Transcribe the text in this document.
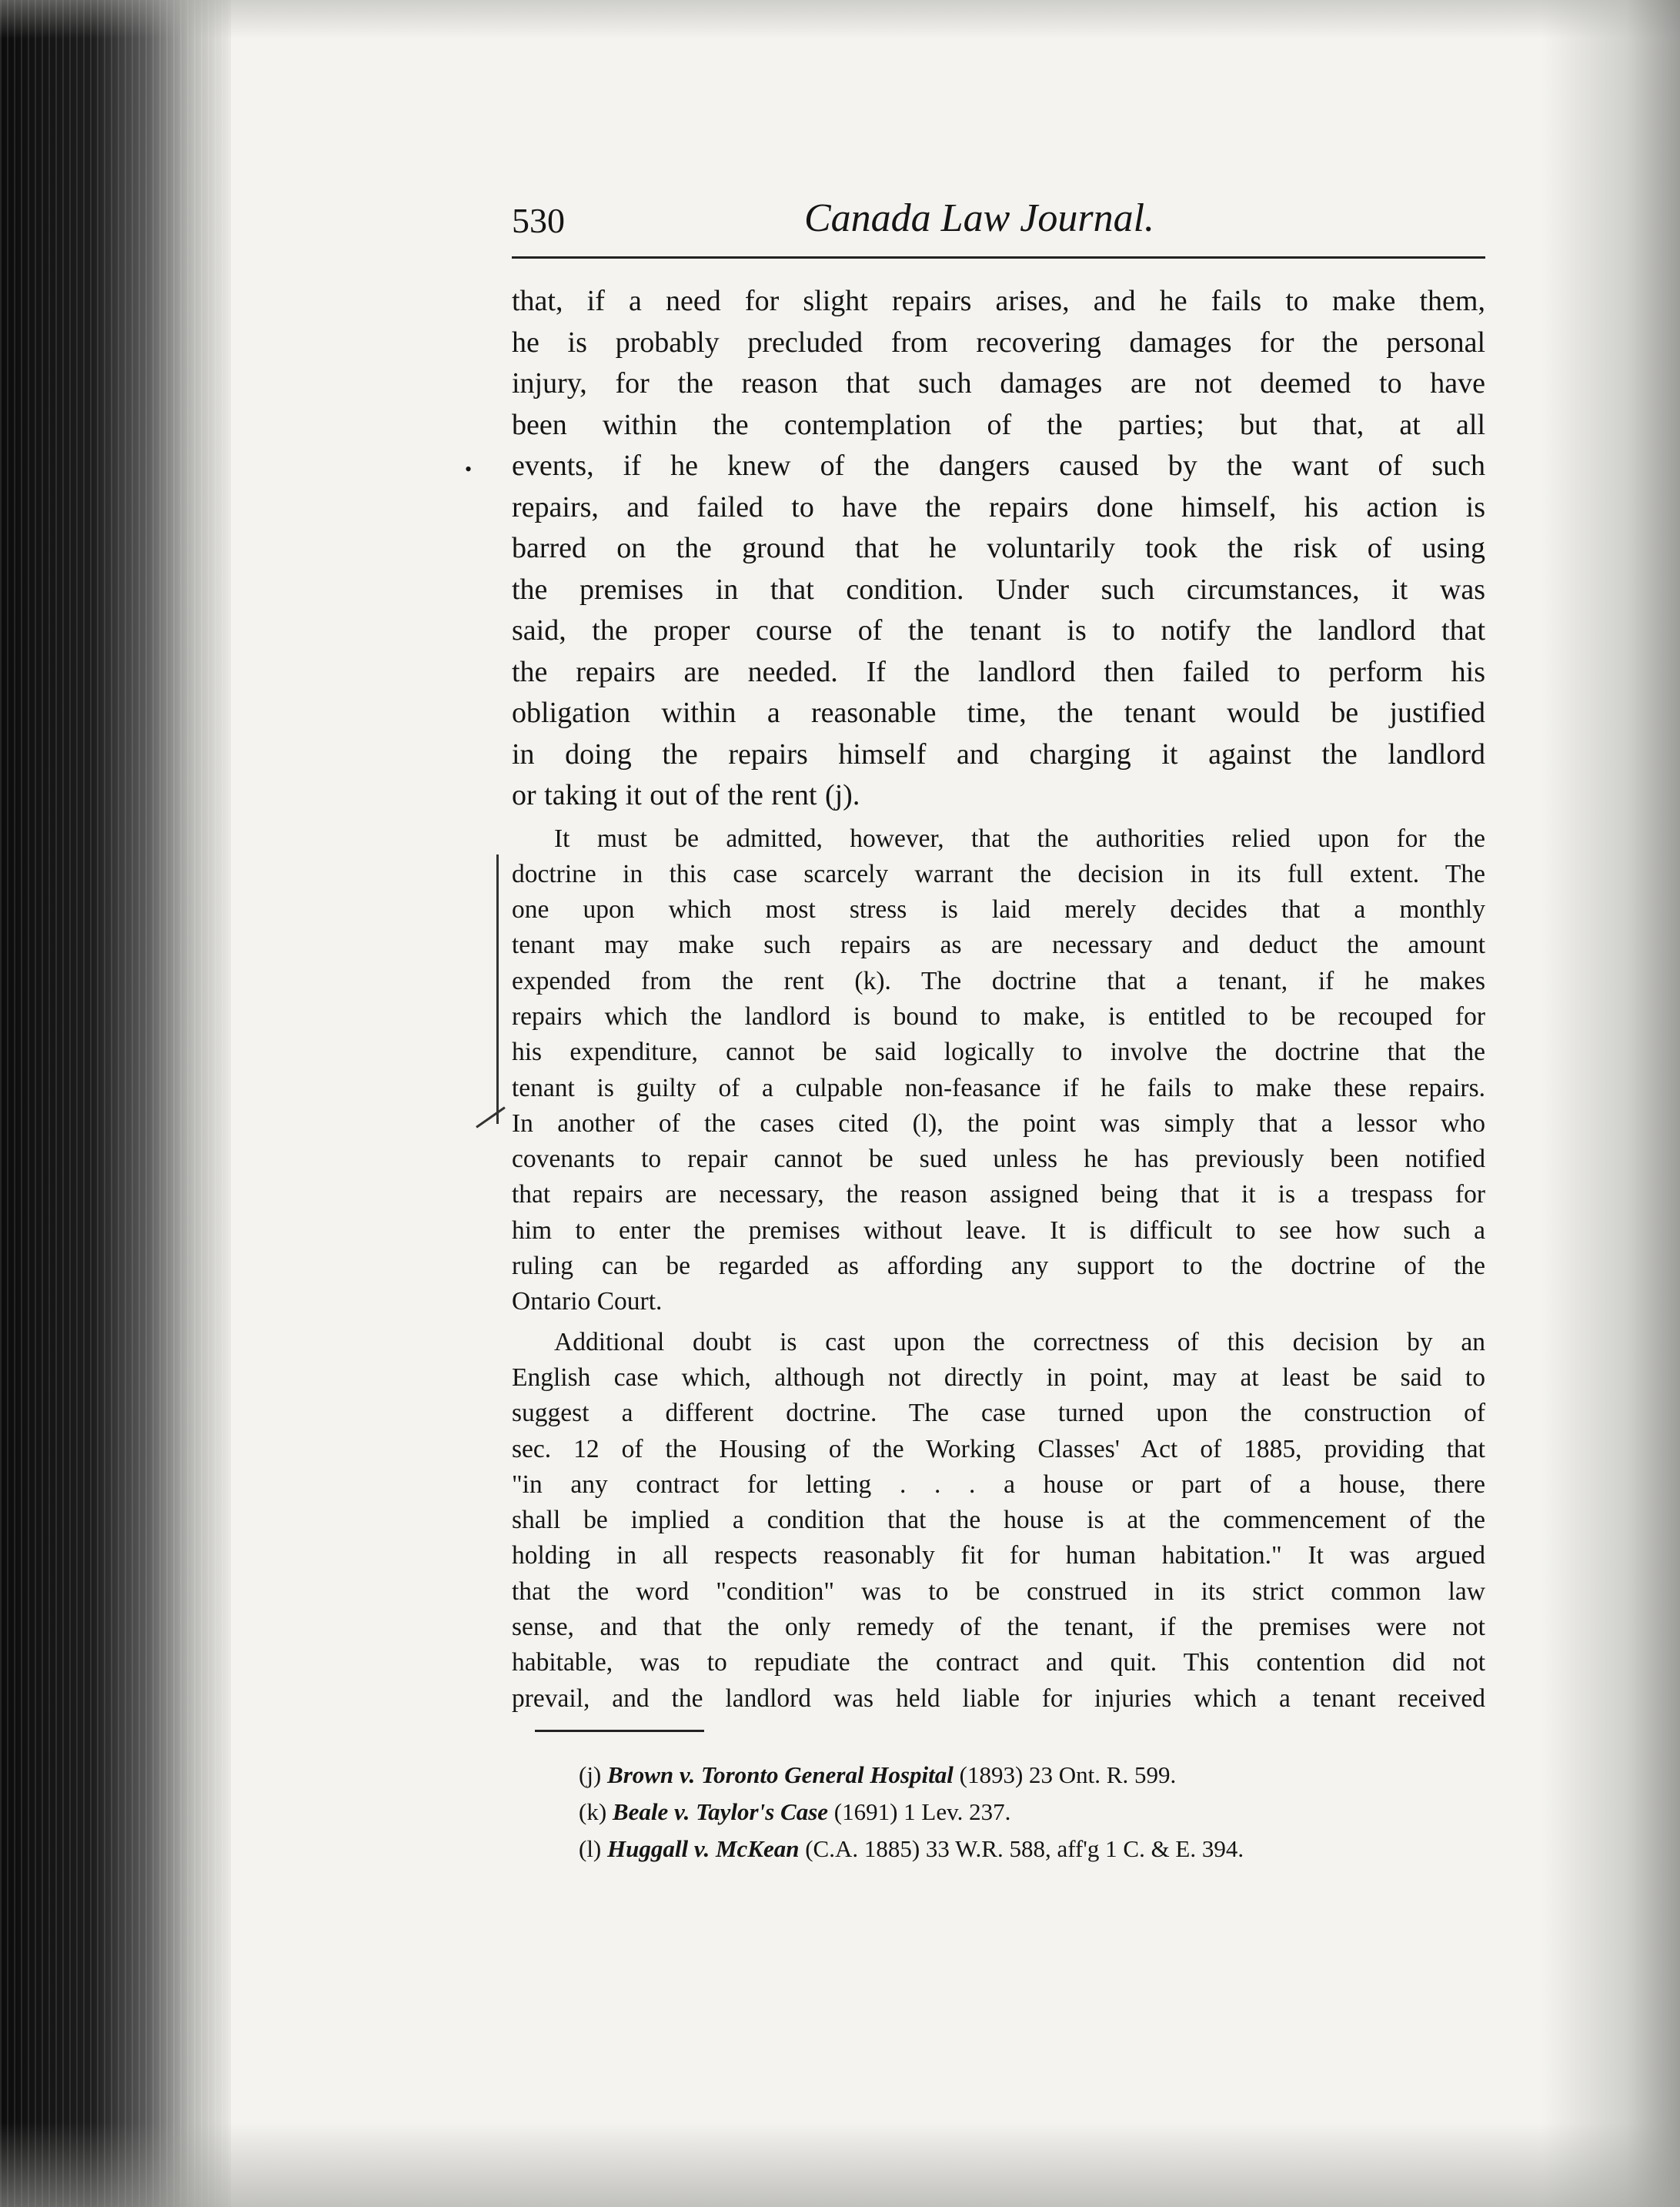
•
530	Canada Law Journal.

that, if a need for slight repairs arises, and he fails to make them,

he is probably precluded from recovering damages for the personal

injury, for the reason that such damages are not deemed to have

been within the contemplation of the parties; but that, at all

events, if he knew of the dangers caused by the want of such

repairs, and failed to have the repairs done himself, his action is

barred on the ground that he voluntarily took the risk of using

the premises in that condition. Under such circumstances, it was

said, the proper course of the tenant is to notify the landlord that

the repairs are needed. If the landlord then failed to perform his

obligation within a reasonable time, the tenant would be justified

in doing the repairs himself and charging it against the landlord

or taking it out of the rent (j).

It must be admitted, however, that the authorities relied upon for the

doctrine in this case scarcely warrant the decision in its full extent. The

one upon which most stress is laid merely decides that a monthly

tenant may make such repairs as are necessary and deduct the amount

expended from the rent (k). The doctrine that a tenant, if he makes

repairs which the landlord is bound to make, is entitled to be recouped for

his expenditure, cannot be said logically to involve the doctrine that the

tenant is guilty of a culpable non-feasance if he fails to make these repairs.

In another of the cases cited (l), the point was simply that a lessor who

covenants to repair cannot be sued unless he has previously been notified

that repairs are necessary, the reason assigned being that it is a trespass for

him to enter the premises without leave. It is difficult to see how such a

ruling can be regarded as affording any support to the doctrine of the

Ontario Court.

Additional doubt is cast upon the correctness of this decision by an

English case which, although not directly in point, may at least be said to

suggest a different doctrine. The case turned upon the construction of

sec. 12 of the Housing of the Working Classes' Act of 1885, providing that

"in any contract for letting . . . a house or part of a house, there

shall be implied a condition that the house is at the commencement of the

holding in all respects reasonably fit for human habitation." It was argued

that the word "condition" was to be construed in its strict common law

sense, and that the only remedy of the tenant, if the premises were not

habitable, was to repudiate the contract and quit. This contention did not

prevail, and the landlord was held liable for injuries which a tenant received

(j) Brown v. Toronto General Hospital (1893) 23 Ont. R. 599.
(k) Beale v. Taylor's Case (1691) 1 Lev. 237.
(l) Huggall v. McKean (C.A. 1885) 33 W.R. 588, aff'g 1 C. & E. 394.
